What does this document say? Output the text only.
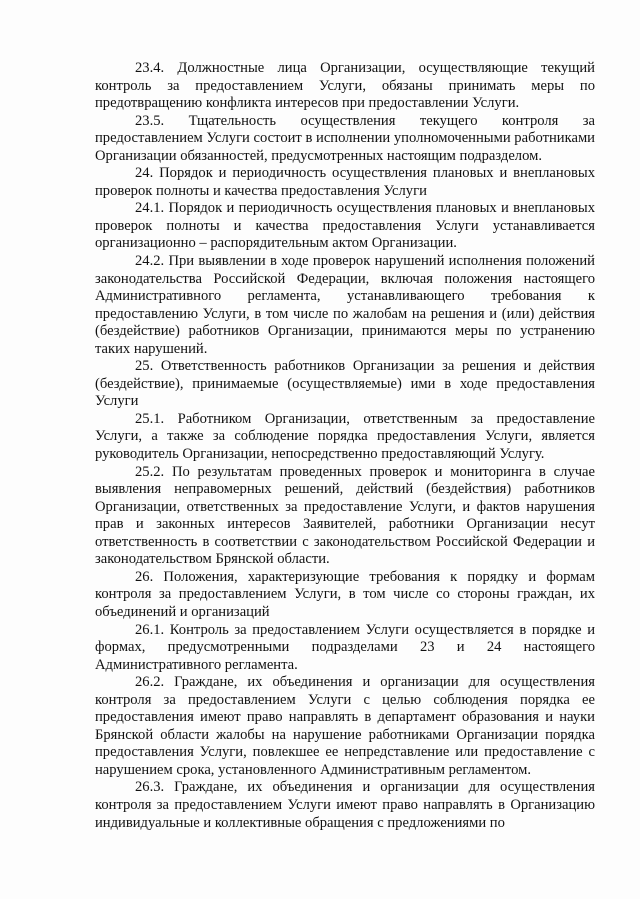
23.4. Должностные лица Организации, осуществляющие текущий контроль за предоставлением Услуги, обязаны принимать меры по предотвращению конфликта интересов при предоставлении Услуги.

23.5. Тщательность осуществления текущего контроля за предоставлением Услуги состоит в исполнении уполномоченными работниками Организации обязанностей, предусмотренных настоящим подразделом.

24. Порядок и периодичность осуществления плановых и внеплановых проверок полноты и качества предоставления Услуги

24.1. Порядок и периодичность осуществления плановых и внеплановых проверок полноты и качества предоставления Услуги устанавливается организационно – распорядительным актом Организации.

24.2. При выявлении в ходе проверок нарушений исполнения положений законодательства Российской Федерации, включая положения настоящего Административного регламента, устанавливающего требования к предоставлению Услуги, в том числе по жалобам на решения и (или) действия (бездействие) работников Организации, принимаются меры по устранению таких нарушений.

25. Ответственность работников Организации за решения и действия (бездействие), принимаемые (осуществляемые) ими в ходе предоставления Услуги

25.1. Работником Организации, ответственным за предоставление Услуги, а также за соблюдение порядка предоставления Услуги, является руководитель Организации, непосредственно предоставляющий Услугу.

25.2. По результатам проведенных проверок и мониторинга в случае выявления неправомерных решений, действий (бездействия) работников Организации, ответственных за предоставление Услуги, и фактов нарушения прав и законных интересов Заявителей, работники Организации несут ответственность в соответствии с законодательством Российской Федерации и законодательством Брянской области.

26. Положения, характеризующие требования к порядку и формам контроля за предоставлением Услуги, в том числе со стороны граждан, их объединений и организаций

26.1. Контроль за предоставлением Услуги осуществляется в порядке и формах, предусмотренными подразделами 23 и 24 настоящего Административного регламента.

26.2. Граждане, их объединения и организации для осуществления контроля за предоставлением Услуги с целью соблюдения порядка ее предоставления имеют право направлять в департамент образования и науки Брянской области жалобы на нарушение работниками Организации порядка предоставления Услуги, повлекшее ее непредставление или предоставление с нарушением срока, установленного Административным регламентом.

26.3. Граждане, их объединения и организации для осуществления контроля за предоставлением Услуги имеют право направлять в Организацию индивидуальные и коллективные обращения с предложениями по
